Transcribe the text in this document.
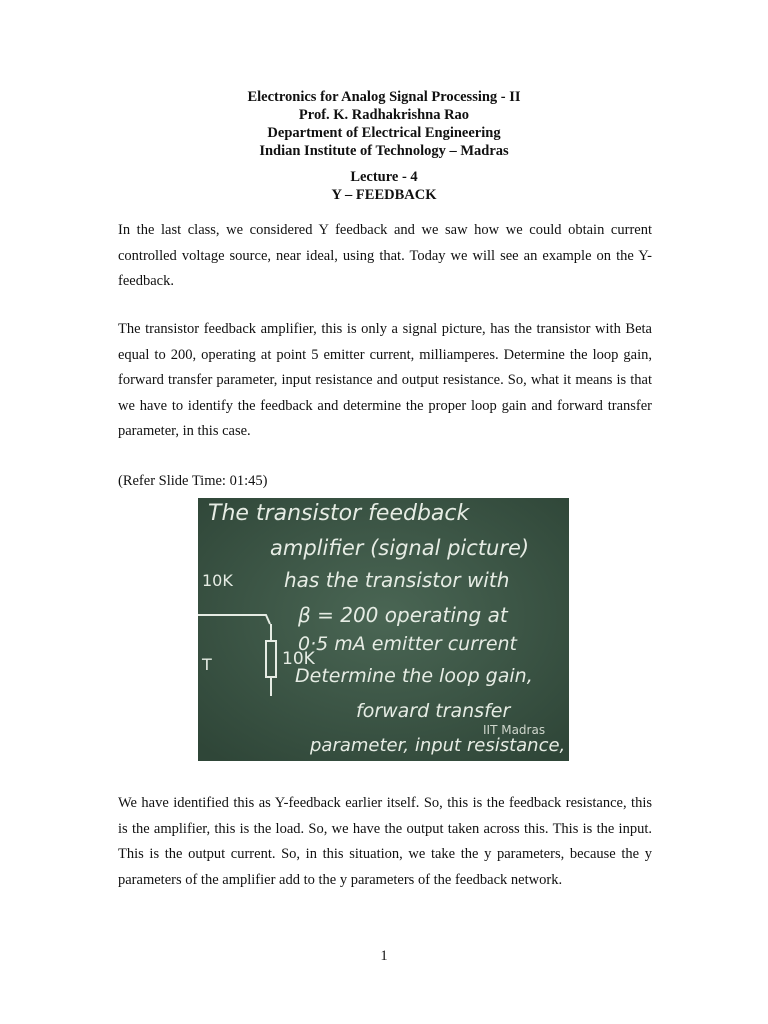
Electronics for Analog Signal Processing - II
Prof. K. Radhakrishna Rao
Department of Electrical Engineering
Indian Institute of Technology – Madras
Lecture - 4
Y – FEEDBACK
In the last class, we considered Y feedback and we saw how we could obtain current controlled voltage source, near ideal, using that. Today we will see an example on the Y-feedback.
The transistor feedback amplifier, this is only a signal picture, has the transistor with Beta equal to 200, operating at point 5 emitter current, milliamperes. Determine the loop gain, forward transfer parameter, input resistance and output resistance. So, what it means is that we have to identify the feedback and determine the proper loop gain and forward transfer parameter, in this case.
(Refer Slide Time: 01:45)
The transistor feedback
amplifier (signal picture)
has the transistor with
β = 200 operating at
0·5 mA emitter current
Determine the loop gain,
forward transfer
parameter, input resistance,
10K
10K
T
IIT Madras
We have identified this as Y-feedback earlier itself. So, this is the feedback resistance, this is the amplifier, this is the load. So, we have the output taken across this. This is the input. This is the output current. So, in this situation, we take the y parameters, because the y parameters of the amplifier add to the y parameters of the feedback network.
1
